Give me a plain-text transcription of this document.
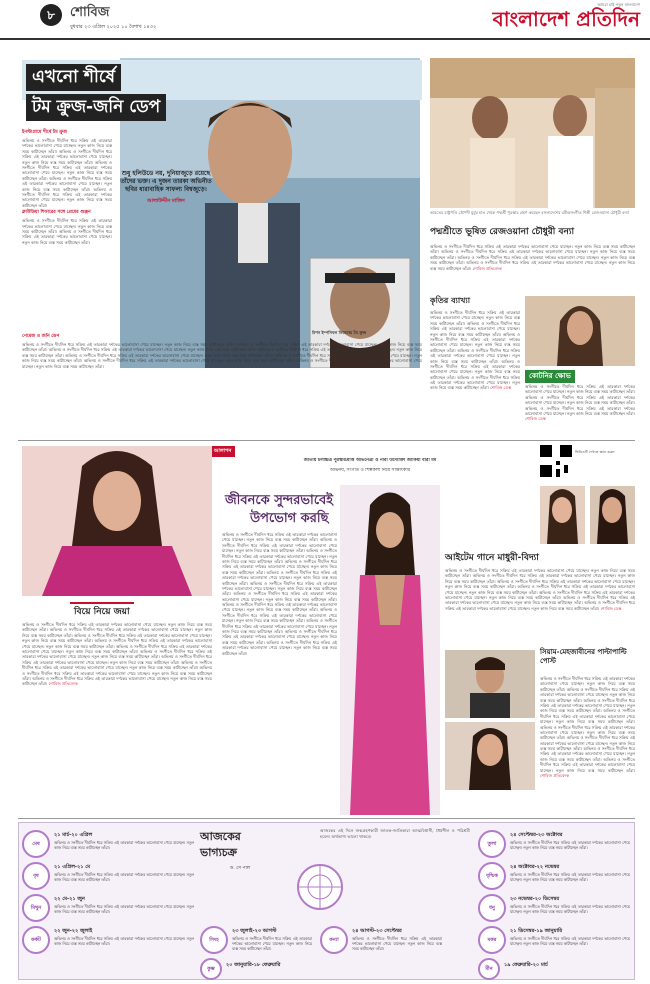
৮	শোবিজ
বুধবার ২৩ এপ্রিল ২০২৫ ১০ বৈশাখ ১৪৩২
আমরা চাই নতুন বাংলাদেশ
বাংলাদেশ প্রতিদিন
এখনো শীর্ষে
টম ক্রুজ-জনি ডেপ
ইনস্টাগ্রামে শীর্ষে টম ক্রুজ
অভিনয় ও সংগীতে দীর্ঘদিন ধরে সক্রিয় এই তারকারা দর্শকের ভালোবাসা পেয়ে যাচ্ছেন। নতুন কাজ নিয়ে ব্যস্ত সময় কাটাচ্ছেন তাঁরা। অভিনয় ও সংগীতে দীর্ঘদিন ধরে সক্রিয় এই তারকারা দর্শকের ভালোবাসা পেয়ে যাচ্ছেন। নতুন কাজ নিয়ে ব্যস্ত সময় কাটাচ্ছেন তাঁরা। অভিনয় ও সংগীতে দীর্ঘদিন ধরে সক্রিয় এই তারকারা দর্শকের ভালোবাসা পেয়ে যাচ্ছেন। নতুন কাজ নিয়ে ব্যস্ত সময় কাটাচ্ছেন তাঁরা। অভিনয় ও সংগীতে দীর্ঘদিন ধরে সক্রিয় এই তারকারা দর্শকের ভালোবাসা পেয়ে যাচ্ছেন। নতুন কাজ নিয়ে ব্যস্ত সময় কাটাচ্ছেন তাঁরা। অভিনয় ও সংগীতে দীর্ঘদিন ধরে সক্রিয় এই তারকারা দর্শকের ভালোবাসা পেয়ে যাচ্ছেন। নতুন কাজ নিয়ে ব্যস্ত সময় কাটাচ্ছেন তাঁরা।
ক্লাউডিয়া শিফারের সঙ্গে প্রেমের গুঞ্জন
অভিনয় ও সংগীতে দীর্ঘদিন ধরে সক্রিয় এই তারকারা দর্শকের ভালোবাসা পেয়ে যাচ্ছেন। নতুন কাজ নিয়ে ব্যস্ত সময় কাটাচ্ছেন তাঁরা। অভিনয় ও সংগীতে দীর্ঘদিন ধরে সক্রিয় এই তারকারা দর্শকের ভালোবাসা পেয়ে যাচ্ছেন। নতুন কাজ নিয়ে ব্যস্ত সময় কাটাচ্ছেন তাঁরা।
শুধু হলিউডে নয়, দুনিয়াজুড়ে রয়েছে তাঁদের ভক্ত। এ দুজন তারকা অভিনীত ছবির ধারাবাহিক সাফল্য বিশ্বজুড়ে।
আলাউদ্দীন মাজিদ
পেরেজ ও জনি ডেপ
অভিনয় ও সংগীতে দীর্ঘদিন ধরে সক্রিয় এই তারকারা দর্শকের ভালোবাসা পেয়ে যাচ্ছেন। নতুন কাজ নিয়ে ব্যস্ত সময় কাটাচ্ছেন তাঁরা। অভিনয় ও সংগীতে দীর্ঘদিন ধরে সক্রিয় এই তারকারা দর্শকের ভালোবাসা পেয়ে যাচ্ছেন। নতুন কাজ নিয়ে ব্যস্ত সময় কাটাচ্ছেন তাঁরা। অভিনয় ও সংগীতে দীর্ঘদিন ধরে সক্রিয় এই তারকারা দর্শকের ভালোবাসা পেয়ে যাচ্ছেন। নতুন কাজ নিয়ে ব্যস্ত সময় কাটাচ্ছেন তাঁরা। অভিনয় ও সংগীতে দীর্ঘদিন ধরে সক্রিয় এই তারকারা দর্শকের ভালোবাসা পেয়ে যাচ্ছেন। নতুন কাজ নিয়ে ব্যস্ত সময় কাটাচ্ছেন তাঁরা। অভিনয় ও সংগীতে দীর্ঘদিন ধরে সক্রিয় এই তারকারা দর্শকের ভালোবাসা পেয়ে যাচ্ছেন। নতুন কাজ নিয়ে ব্যস্ত সময় কাটাচ্ছেন তাঁরা। অভিনয় ও সংগীতে দীর্ঘদিন ধরে সক্রিয় এই তারকারা দর্শকের ভালোবাসা পেয়ে যাচ্ছেন। নতুন কাজ নিয়ে ব্যস্ত সময় কাটাচ্ছেন তাঁরা। অভিনয় ও সংগীতে দীর্ঘদিন ধরে সক্রিয় এই তারকারা দর্শকের ভালোবাসা পেয়ে যাচ্ছেন। নতুন কাজ নিয়ে ব্যস্ত সময় কাটাচ্ছেন তাঁরা। অভিনয় ও সংগীতে দীর্ঘদিন ধরে সক্রিয় এই তারকারা দর্শকের ভালোবাসা পেয়ে যাচ্ছেন। নতুন কাজ নিয়ে ব্যস্ত সময় কাটাচ্ছেন তাঁরা।
মিশন ইম্পসিবল সিনেমায় টম ক্রুজ
ভারতের রাষ্ট্রপতি দ্রৌপদী মুর্মুর হাত থেকে পদ্মশ্রী পুরস্কার গ্রহণ করছেন বাংলাদেশের রবীন্দ্রসংগীত শিল্পী রেজওয়ানা চৌধুরী বন্যা
পদ্মশ্রীতে ভূষিত রেজওয়ানা চৌধুরী বন্যা
অভিনয় ও সংগীতে দীর্ঘদিন ধরে সক্রিয় এই তারকারা দর্শকের ভালোবাসা পেয়ে যাচ্ছেন। নতুন কাজ নিয়ে ব্যস্ত সময় কাটাচ্ছেন তাঁরা। অভিনয় ও সংগীতে দীর্ঘদিন ধরে সক্রিয় এই তারকারা দর্শকের ভালোবাসা পেয়ে যাচ্ছেন। নতুন কাজ নিয়ে ব্যস্ত সময় কাটাচ্ছেন তাঁরা। অভিনয় ও সংগীতে দীর্ঘদিন ধরে সক্রিয় এই তারকারা দর্শকের ভালোবাসা পেয়ে যাচ্ছেন। নতুন কাজ নিয়ে ব্যস্ত সময় কাটাচ্ছেন তাঁরা। অভিনয় ও সংগীতে দীর্ঘদিন ধরে সক্রিয় এই তারকারা দর্শকের ভালোবাসা পেয়ে যাচ্ছেন। নতুন কাজ নিয়ে ব্যস্ত সময় কাটাচ্ছেন তাঁরা। শোবিজ প্রতিবেদক
কৃতির ব্যাখ্যা
অভিনয় ও সংগীতে দীর্ঘদিন ধরে সক্রিয় এই তারকারা দর্শকের ভালোবাসা পেয়ে যাচ্ছেন। নতুন কাজ নিয়ে ব্যস্ত সময় কাটাচ্ছেন তাঁরা। অভিনয় ও সংগীতে দীর্ঘদিন ধরে সক্রিয় এই তারকারা দর্শকের ভালোবাসা পেয়ে যাচ্ছেন। নতুন কাজ নিয়ে ব্যস্ত সময় কাটাচ্ছেন তাঁরা। অভিনয় ও সংগীতে দীর্ঘদিন ধরে সক্রিয় এই তারকারা দর্শকের ভালোবাসা পেয়ে যাচ্ছেন। নতুন কাজ নিয়ে ব্যস্ত সময় কাটাচ্ছেন তাঁরা। অভিনয় ও সংগীতে দীর্ঘদিন ধরে সক্রিয় এই তারকারা দর্শকের ভালোবাসা পেয়ে যাচ্ছেন। নতুন কাজ নিয়ে ব্যস্ত সময় কাটাচ্ছেন তাঁরা। অভিনয় ও সংগীতে দীর্ঘদিন ধরে সক্রিয় এই তারকারা দর্শকের ভালোবাসা পেয়ে যাচ্ছেন। নতুন কাজ নিয়ে ব্যস্ত সময় কাটাচ্ছেন তাঁরা। অভিনয় ও সংগীতে দীর্ঘদিন ধরে সক্রিয় এই তারকারা দর্শকের ভালোবাসা পেয়ে যাচ্ছেন। নতুন কাজ নিয়ে ব্যস্ত সময় কাটাচ্ছেন তাঁরা। শোবিজ ডেস্ক
কোটনির ক্ষোভ
অভিনয় ও সংগীতে দীর্ঘদিন ধরে সক্রিয় এই তারকারা দর্শকের ভালোবাসা পেয়ে যাচ্ছেন। নতুন কাজ নিয়ে ব্যস্ত সময় কাটাচ্ছেন তাঁরা। অভিনয় ও সংগীতে দীর্ঘদিন ধরে সক্রিয় এই তারকারা দর্শকের ভালোবাসা পেয়ে যাচ্ছেন। নতুন কাজ নিয়ে ব্যস্ত সময় কাটাচ্ছেন তাঁরা। অভিনয় ও সংগীতে দীর্ঘদিন ধরে সক্রিয় এই তারকারা দর্শকের ভালোবাসা পেয়ে যাচ্ছেন। নতুন কাজ নিয়ে ব্যস্ত সময় কাটাচ্ছেন তাঁরা। শোবিজ ডেস্ক
আলাপন
জাতীয় চলচ্চিত্র পুরস্কারপ্রাপ্ত অভিনেত্রী ও নারী উদ্যোক্তা জাকিয়া বারী মম
অভিনয়, সংগীত ও শিল্পকলা নিয়ে সাক্ষাৎকার
ভিডিওটি দেখতে স্ক্যান করুন
জীবনকে সুন্দরভাবেই
উপভোগ করছি
অভিনয় ও সংগীতে দীর্ঘদিন ধরে সক্রিয় এই তারকারা দর্শকের ভালোবাসা পেয়ে যাচ্ছেন। নতুন কাজ নিয়ে ব্যস্ত সময় কাটাচ্ছেন তাঁরা। অভিনয় ও সংগীতে দীর্ঘদিন ধরে সক্রিয় এই তারকারা দর্শকের ভালোবাসা পেয়ে যাচ্ছেন। নতুন কাজ নিয়ে ব্যস্ত সময় কাটাচ্ছেন তাঁরা। অভিনয় ও সংগীতে দীর্ঘদিন ধরে সক্রিয় এই তারকারা দর্শকের ভালোবাসা পেয়ে যাচ্ছেন। নতুন কাজ নিয়ে ব্যস্ত সময় কাটাচ্ছেন তাঁরা। অভিনয় ও সংগীতে দীর্ঘদিন ধরে সক্রিয় এই তারকারা দর্শকের ভালোবাসা পেয়ে যাচ্ছেন। নতুন কাজ নিয়ে ব্যস্ত সময় কাটাচ্ছেন তাঁরা। অভিনয় ও সংগীতে দীর্ঘদিন ধরে সক্রিয় এই তারকারা দর্শকের ভালোবাসা পেয়ে যাচ্ছেন। নতুন কাজ নিয়ে ব্যস্ত সময় কাটাচ্ছেন তাঁরা। অভিনয় ও সংগীতে দীর্ঘদিন ধরে সক্রিয় এই তারকারা দর্শকের ভালোবাসা পেয়ে যাচ্ছেন। নতুন কাজ নিয়ে ব্যস্ত সময় কাটাচ্ছেন তাঁরা। অভিনয় ও সংগীতে দীর্ঘদিন ধরে সক্রিয় এই তারকারা দর্শকের ভালোবাসা পেয়ে যাচ্ছেন। নতুন কাজ নিয়ে ব্যস্ত সময় কাটাচ্ছেন তাঁরা। অভিনয় ও সংগীতে দীর্ঘদিন ধরে সক্রিয় এই তারকারা দর্শকের ভালোবাসা পেয়ে যাচ্ছেন। নতুন কাজ নিয়ে ব্যস্ত সময় কাটাচ্ছেন তাঁরা। অভিনয় ও সংগীতে দীর্ঘদিন ধরে সক্রিয় এই তারকারা দর্শকের ভালোবাসা পেয়ে যাচ্ছেন। নতুন কাজ নিয়ে ব্যস্ত সময় কাটাচ্ছেন তাঁরা। অভিনয় ও সংগীতে দীর্ঘদিন ধরে সক্রিয় এই তারকারা দর্শকের ভালোবাসা পেয়ে যাচ্ছেন। নতুন কাজ নিয়ে ব্যস্ত সময় কাটাচ্ছেন তাঁরা। অভিনয় ও সংগীতে দীর্ঘদিন ধরে সক্রিয় এই তারকারা দর্শকের ভালোবাসা পেয়ে যাচ্ছেন। নতুন কাজ নিয়ে ব্যস্ত সময় কাটাচ্ছেন তাঁরা। অভিনয় ও সংগীতে দীর্ঘদিন ধরে সক্রিয় এই তারকারা দর্শকের ভালোবাসা পেয়ে যাচ্ছেন। নতুন কাজ নিয়ে ব্যস্ত সময় কাটাচ্ছেন তাঁরা।
বিয়ে নিয়ে জয়া
অভিনয় ও সংগীতে দীর্ঘদিন ধরে সক্রিয় এই তারকারা দর্শকের ভালোবাসা পেয়ে যাচ্ছেন। নতুন কাজ নিয়ে ব্যস্ত সময় কাটাচ্ছেন তাঁরা। অভিনয় ও সংগীতে দীর্ঘদিন ধরে সক্রিয় এই তারকারা দর্শকের ভালোবাসা পেয়ে যাচ্ছেন। নতুন কাজ নিয়ে ব্যস্ত সময় কাটাচ্ছেন তাঁরা। অভিনয় ও সংগীতে দীর্ঘদিন ধরে সক্রিয় এই তারকারা দর্শকের ভালোবাসা পেয়ে যাচ্ছেন। নতুন কাজ নিয়ে ব্যস্ত সময় কাটাচ্ছেন তাঁরা। অভিনয় ও সংগীতে দীর্ঘদিন ধরে সক্রিয় এই তারকারা দর্শকের ভালোবাসা পেয়ে যাচ্ছেন। নতুন কাজ নিয়ে ব্যস্ত সময় কাটাচ্ছেন তাঁরা। অভিনয় ও সংগীতে দীর্ঘদিন ধরে সক্রিয় এই তারকারা দর্শকের ভালোবাসা পেয়ে যাচ্ছেন। নতুন কাজ নিয়ে ব্যস্ত সময় কাটাচ্ছেন তাঁরা। অভিনয় ও সংগীতে দীর্ঘদিন ধরে সক্রিয় এই তারকারা দর্শকের ভালোবাসা পেয়ে যাচ্ছেন। নতুন কাজ নিয়ে ব্যস্ত সময় কাটাচ্ছেন তাঁরা। অভিনয় ও সংগীতে দীর্ঘদিন ধরে সক্রিয় এই তারকারা দর্শকের ভালোবাসা পেয়ে যাচ্ছেন। নতুন কাজ নিয়ে ব্যস্ত সময় কাটাচ্ছেন তাঁরা। অভিনয় ও সংগীতে দীর্ঘদিন ধরে সক্রিয় এই তারকারা দর্শকের ভালোবাসা পেয়ে যাচ্ছেন। নতুন কাজ নিয়ে ব্যস্ত সময় কাটাচ্ছেন তাঁরা। অভিনয় ও সংগীতে দীর্ঘদিন ধরে সক্রিয় এই তারকারা দর্শকের ভালোবাসা পেয়ে যাচ্ছেন। নতুন কাজ নিয়ে ব্যস্ত সময় কাটাচ্ছেন তাঁরা। অভিনয় ও সংগীতে দীর্ঘদিন ধরে সক্রিয় এই তারকারা দর্শকের ভালোবাসা পেয়ে যাচ্ছেন। নতুন কাজ নিয়ে ব্যস্ত সময় কাটাচ্ছেন তাঁরা। শোবিজ প্রতিবেদক
আইটেম গানে মাধুরী-বিদ্যা
অভিনয় ও সংগীতে দীর্ঘদিন ধরে সক্রিয় এই তারকারা দর্শকের ভালোবাসা পেয়ে যাচ্ছেন। নতুন কাজ নিয়ে ব্যস্ত সময় কাটাচ্ছেন তাঁরা। অভিনয় ও সংগীতে দীর্ঘদিন ধরে সক্রিয় এই তারকারা দর্শকের ভালোবাসা পেয়ে যাচ্ছেন। নতুন কাজ নিয়ে ব্যস্ত সময় কাটাচ্ছেন তাঁরা। অভিনয় ও সংগীতে দীর্ঘদিন ধরে সক্রিয় এই তারকারা দর্শকের ভালোবাসা পেয়ে যাচ্ছেন। নতুন কাজ নিয়ে ব্যস্ত সময় কাটাচ্ছেন তাঁরা। অভিনয় ও সংগীতে দীর্ঘদিন ধরে সক্রিয় এই তারকারা দর্শকের ভালোবাসা পেয়ে যাচ্ছেন। নতুন কাজ নিয়ে ব্যস্ত সময় কাটাচ্ছেন তাঁরা। অভিনয় ও সংগীতে দীর্ঘদিন ধরে সক্রিয় এই তারকারা দর্শকের ভালোবাসা পেয়ে যাচ্ছেন। নতুন কাজ নিয়ে ব্যস্ত সময় কাটাচ্ছেন তাঁরা। অভিনয় ও সংগীতে দীর্ঘদিন ধরে সক্রিয় এই তারকারা দর্শকের ভালোবাসা পেয়ে যাচ্ছেন। নতুন কাজ নিয়ে ব্যস্ত সময় কাটাচ্ছেন তাঁরা। অভিনয় ও সংগীতে দীর্ঘদিন ধরে সক্রিয় এই তারকারা দর্শকের ভালোবাসা পেয়ে যাচ্ছেন। নতুন কাজ নিয়ে ব্যস্ত সময় কাটাচ্ছেন তাঁরা। শোবিজ ডেস্ক
সিয়াম-মেহজাবীনের পাল্টাপাল্টি পোস্ট
অভিনয় ও সংগীতে দীর্ঘদিন ধরে সক্রিয় এই তারকারা দর্শকের ভালোবাসা পেয়ে যাচ্ছেন। নতুন কাজ নিয়ে ব্যস্ত সময় কাটাচ্ছেন তাঁরা। অভিনয় ও সংগীতে দীর্ঘদিন ধরে সক্রিয় এই তারকারা দর্শকের ভালোবাসা পেয়ে যাচ্ছেন। নতুন কাজ নিয়ে ব্যস্ত সময় কাটাচ্ছেন তাঁরা। অভিনয় ও সংগীতে দীর্ঘদিন ধরে সক্রিয় এই তারকারা দর্শকের ভালোবাসা পেয়ে যাচ্ছেন। নতুন কাজ নিয়ে ব্যস্ত সময় কাটাচ্ছেন তাঁরা। অভিনয় ও সংগীতে দীর্ঘদিন ধরে সক্রিয় এই তারকারা দর্শকের ভালোবাসা পেয়ে যাচ্ছেন। নতুন কাজ নিয়ে ব্যস্ত সময় কাটাচ্ছেন তাঁরা। অভিনয় ও সংগীতে দীর্ঘদিন ধরে সক্রিয় এই তারকারা দর্শকের ভালোবাসা পেয়ে যাচ্ছেন। নতুন কাজ নিয়ে ব্যস্ত সময় কাটাচ্ছেন তাঁরা। অভিনয় ও সংগীতে দীর্ঘদিন ধরে সক্রিয় এই তারকারা দর্শকের ভালোবাসা পেয়ে যাচ্ছেন। নতুন কাজ নিয়ে ব্যস্ত সময় কাটাচ্ছেন তাঁরা। অভিনয় ও সংগীতে দীর্ঘদিন ধরে সক্রিয় এই তারকারা দর্শকের ভালোবাসা পেয়ে যাচ্ছেন। নতুন কাজ নিয়ে ব্যস্ত সময় কাটাচ্ছেন তাঁরা। অভিনয় ও সংগীতে দীর্ঘদিন ধরে সক্রিয় এই তারকারা দর্শকের ভালোবাসা পেয়ে যাচ্ছেন। নতুন কাজ নিয়ে ব্যস্ত সময় কাটাচ্ছেন তাঁরা। শোবিজ প্রতিবেদক
আজকের
ভাগ্যচক্র
ড. সেঁ পাল
আজকের এই দিনে জন্মগ্রহণকারী জাতক-জাতিকারা আত্মবিশ্বাসী, ধৈর্যশীল ও পরিশ্রমী হবেন। অর্থভাগ্য ভালো থাকবে।
মেষ
২১ মার্চ-২০ এপ্রিল
অভিনয় ও সংগীতে দীর্ঘদিন ধরে সক্রিয় এই তারকারা দর্শকের ভালোবাসা পেয়ে যাচ্ছেন। নতুন কাজ নিয়ে ব্যস্ত সময় কাটাচ্ছেন তাঁরা।
বৃষ
২১ এপ্রিল-২১ মে
অভিনয় ও সংগীতে দীর্ঘদিন ধরে সক্রিয় এই তারকারা দর্শকের ভালোবাসা পেয়ে যাচ্ছেন। নতুন কাজ নিয়ে ব্যস্ত সময় কাটাচ্ছেন তাঁরা।
মিথুন
২২ মে-২১ জুন
অভিনয় ও সংগীতে দীর্ঘদিন ধরে সক্রিয় এই তারকারা দর্শকের ভালোবাসা পেয়ে যাচ্ছেন। নতুন কাজ নিয়ে ব্যস্ত সময় কাটাচ্ছেন তাঁরা।
কর্কট
২২ জুন-২২ জুলাই
অভিনয় ও সংগীতে দীর্ঘদিন ধরে সক্রিয় এই তারকারা দর্শকের ভালোবাসা পেয়ে যাচ্ছেন। নতুন কাজ নিয়ে ব্যস্ত সময় কাটাচ্ছেন তাঁরা।
সিংহ
২৩ জুলাই-২৩ আগস্ট
অভিনয় ও সংগীতে দীর্ঘদিন ধরে সক্রিয় এই তারকারা দর্শকের ভালোবাসা পেয়ে যাচ্ছেন। নতুন কাজ নিয়ে ব্যস্ত সময় কাটাচ্ছেন তাঁরা।
কন্যা
২৪ আগস্ট-২৩ সেপ্টেম্বর
অভিনয় ও সংগীতে দীর্ঘদিন ধরে সক্রিয় এই তারকারা দর্শকের ভালোবাসা পেয়ে যাচ্ছেন। নতুন কাজ নিয়ে ব্যস্ত সময় কাটাচ্ছেন তাঁরা।
তুলা
২৪ সেপ্টেম্বর-২৩ অক্টোবর
অভিনয় ও সংগীতে দীর্ঘদিন ধরে সক্রিয় এই তারকারা দর্শকের ভালোবাসা পেয়ে যাচ্ছেন। নতুন কাজ নিয়ে ব্যস্ত সময় কাটাচ্ছেন তাঁরা।
বৃশ্চিক
২৪ অক্টোবর-২২ নভেম্বর
অভিনয় ও সংগীতে দীর্ঘদিন ধরে সক্রিয় এই তারকারা দর্শকের ভালোবাসা পেয়ে যাচ্ছেন। নতুন কাজ নিয়ে ব্যস্ত সময় কাটাচ্ছেন তাঁরা।
ধনু
২৩ নভেম্বর-২০ ডিসেম্বর
অভিনয় ও সংগীতে দীর্ঘদিন ধরে সক্রিয় এই তারকারা দর্শকের ভালোবাসা পেয়ে যাচ্ছেন। নতুন কাজ নিয়ে ব্যস্ত সময় কাটাচ্ছেন তাঁরা।
মকর
২১ ডিসেম্বর-১৯ জানুয়ারি
অভিনয় ও সংগীতে দীর্ঘদিন ধরে সক্রিয় এই তারকারা দর্শকের ভালোবাসা পেয়ে যাচ্ছেন। নতুন কাজ নিয়ে ব্যস্ত সময় কাটাচ্ছেন তাঁরা।
কুম্ভ
২০ জানুয়ারি-১৮ ফেব্রুয়ারি
মীন
১৯ ফেব্রুয়ারি-২০ মার্চ
